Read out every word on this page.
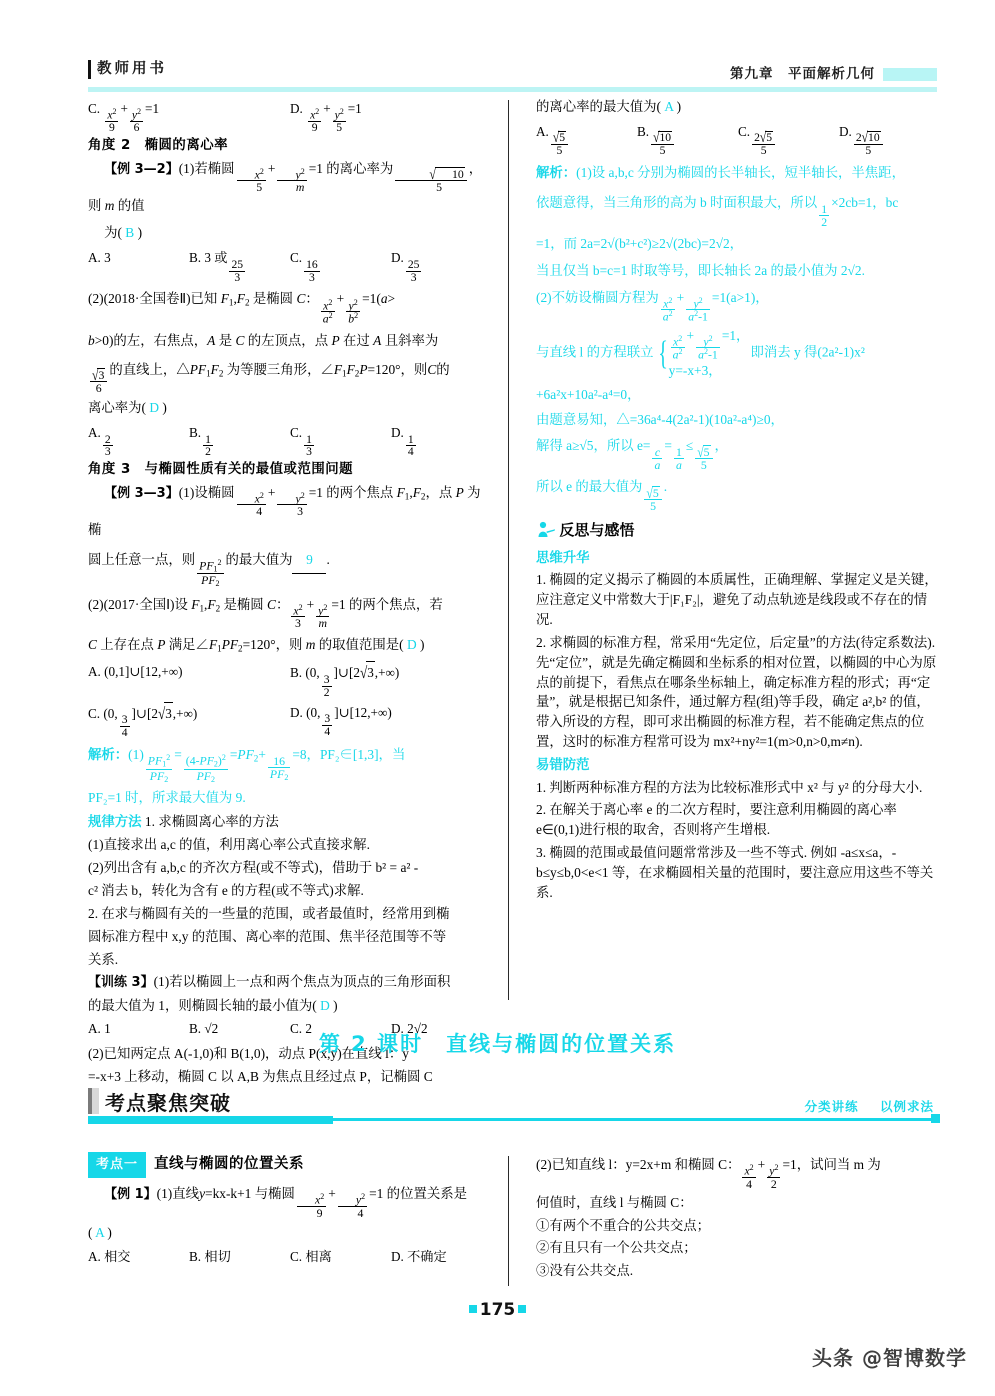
教师用书	第九章　平面解析几何
C. $\frac{x^2}{9} + \frac{y^2}{6} =1$	D. $\frac{x^2}{9} + \frac{y^2}{5} =1$

角度 2　椭圆的离心率

【例 3—2】(1)若椭圆 $\frac{x^2}{5} + \frac{y^2}{m} =1$ 的离心率为 $\frac{√ 10}{5}$ ，则 m 的值

为( B )

A. 3	B. 3 或
$\frac{25}{3}$
C.
$\frac{16}{3}$
D.
$\frac{25}{3}$

(2)(2018·全国卷Ⅱ)已知 $F_1,F_2$ 是椭圆 C： $\frac{x^2}{a^2} + \frac{y^2}{b^2} =1(a>$

b>0)的左，右焦点，A 是 C 的左顶点，点 P 在过 A 且斜率为

$\frac{√3}{6}$ 的直线上，$\triangle PF_1F_2$ 为等腰三角形，$\angle F_1F_2P=120^\circ$，则C的

离心率为( D )

A.
$\frac{2}{3}$
B.
$\frac{1}{2}$
C.
$\frac{1}{3}$
D.
$\frac{1}{4}$

角度 3　与椭圆性质有关的最值或范围问题

【例 3—3】(1)设椭圆 $\frac{x^2}{4} + \frac{y^2}{3} =1$ 的两个焦点 $F_1,F_2$，点 P 为椭

圆上任意一点，则 $\frac{PF_1^2}{PF_2}$ 的最大值为 9 .

(2)(2017·全国Ⅰ)设 $F_1,F_2$ 是椭圆 C： $\frac{x^2}{3} + \frac{y^2}{m} =1$ 的两个焦点，若

C 上存在点 P 满足$\angle F_1PF_2=120^\circ$，则 m 的取值范围是( D )

A. (0,1]∪[12,+∞)	B. (0,
$\frac{3}{2}$
]∪[2√3,+∞)
C. (0,
$\frac{3}{4}$
]∪[2√3,+∞)	D. (0,
$\frac{3}{4}$
]∪[12,+∞)

解析：$(1) \frac{PF_1^2}{PF_2} = \frac{(4-PF_2)^2}{PF_2} =PF_2+$
$\frac{16}{PF_2}$
=8，PF₂∈[1,3]，当

PF₂=1 时，所求最大值为 9.

规律方法 1. 求椭圆离心率的方法

(1)直接求出 a,c 的值，利用离心率公式直接求解.

(2)列出含有 a,b,c 的齐次方程(或不等式)，借助于 b² = a² -

c² 消去 b，转化为含有 e 的方程(或不等式)求解.

2. 在求与椭圆有关的一些量的范围，或者最值时，经常用到椭

圆标准方程中 x,y 的范围、离心率的范围、焦半径范围等不等

关系.

【训练 3】(1)若以椭圆上一点和两个焦点为顶点的三角形面积

的最大值为 1，则椭圆长轴的最小值为( D )

A. 1	B. √2	C. 2	D. 2√2

(2)已知两定点 A(-1,0)和 B(1,0)，动点 P(x,y)在直线 l：y

=-x+3 上移动，椭圆 C 以 A,B 为焦点且经过点 P，记椭圆 C

的离心率的最大值为( A )

A.
$\frac{√5}{5}$
B.
$\frac{√10}{5}$
C.
$\frac{2√5}{5}$
D.
$\frac{2√10}{5}$

解析：(1)设 a,b,c 分别为椭圆的长半轴长，短半轴长，半焦距，

依题意得，当三角形的高为 b 时面积最大，所以
$\frac{1}{2}$
×2cb=1，bc

=1，而 2a=2√(b²+c²)≥2√(2bc)=2√2，

当且仅当 b=c=1 时取等号，即长轴长 2a 的最小值为 2√2.

(2)不妨设椭圆方程为 $\frac{x^2}{a^2} + \frac{y^2}{a^2-1} =1(a>1)$，

与直线 l 的方程联立 { $\frac{x^2}{a^2} + \frac{y^2}{a^2-1} =1$，
y=-x+3，
即消去 y 得(2a²-1)x²

+6a²x+10a²-a⁴=0，

由题意易知，△=36a⁴-4(2a²-1)(10a²-a⁴)≥0，

解得 a≥√5，所以 e=
$\frac{c}{a}$
=
$\frac{1}{a}$
≤ $\frac{√5}{5}$ ，

所以 e 的最大值为 $\frac{√5}{5}$ .

反思与感悟

思维升华

1. 椭圆的定义揭示了椭圆的本质属性，正确理解、掌握定义是关键，应注意定义中常数大于|F₁F₂|，避免了动点轨迹是线段或不存在的情况.

2. 求椭圆的标准方程，常采用“先定位，后定量”的方法(待定系数法). 先“定位”，就是先确定椭圆和坐标系的相对位置，以椭圆的中心为原点的前提下，看焦点在哪条坐标轴上，确定标准方程的形式；再“定量”，就是根据已知条件，通过解方程(组)等手段，确定 a²,b² 的值，带入所设的方程，即可求出椭圆的标准方程，若不能确定焦点的位置，这时的标准方程常可设为 mx²+ny²=1(m>0,n>0,m≠n).

易错防范

1. 判断两种标准方程的方法为比较标准形式中 x² 与 y² 的分母大小.

2. 在解关于离心率 e 的二次方程时，要注意利用椭圆的离心率 e∈(0,1)进行根的取舍，否则将产生增根.

3. 椭圆的范围或最值问题常常涉及一些不等式. 例如 -a≤x≤a，-b≤y≤b,0<e<1 等，在求椭圆相关量的范围时，要注意应用这些不等关系.

第 2 课时　直线与椭圆的位置关系
考点聚焦突破	分类讲练 以例求法

考点一 直线与椭圆的位置关系

【例 1】(1)直线y=kx-k+1 与椭圆 $\frac{x^2}{9} + \frac{y^2}{4} =1$ 的位置关系是

( A )

A. 相交	B. 相切	C. 相离	D. 不确定

(2)已知直线 l：y=2x+m 和椭圆 C： $\frac{x^2}{4} + \frac{y^2}{2} =1$，试问当 m 为

何值时，直线 l 与椭圆 C：

①有两个不重合的公共交点；

②有且只有一个公共交点；

③没有公共交点.

175
头条 @智博数学
